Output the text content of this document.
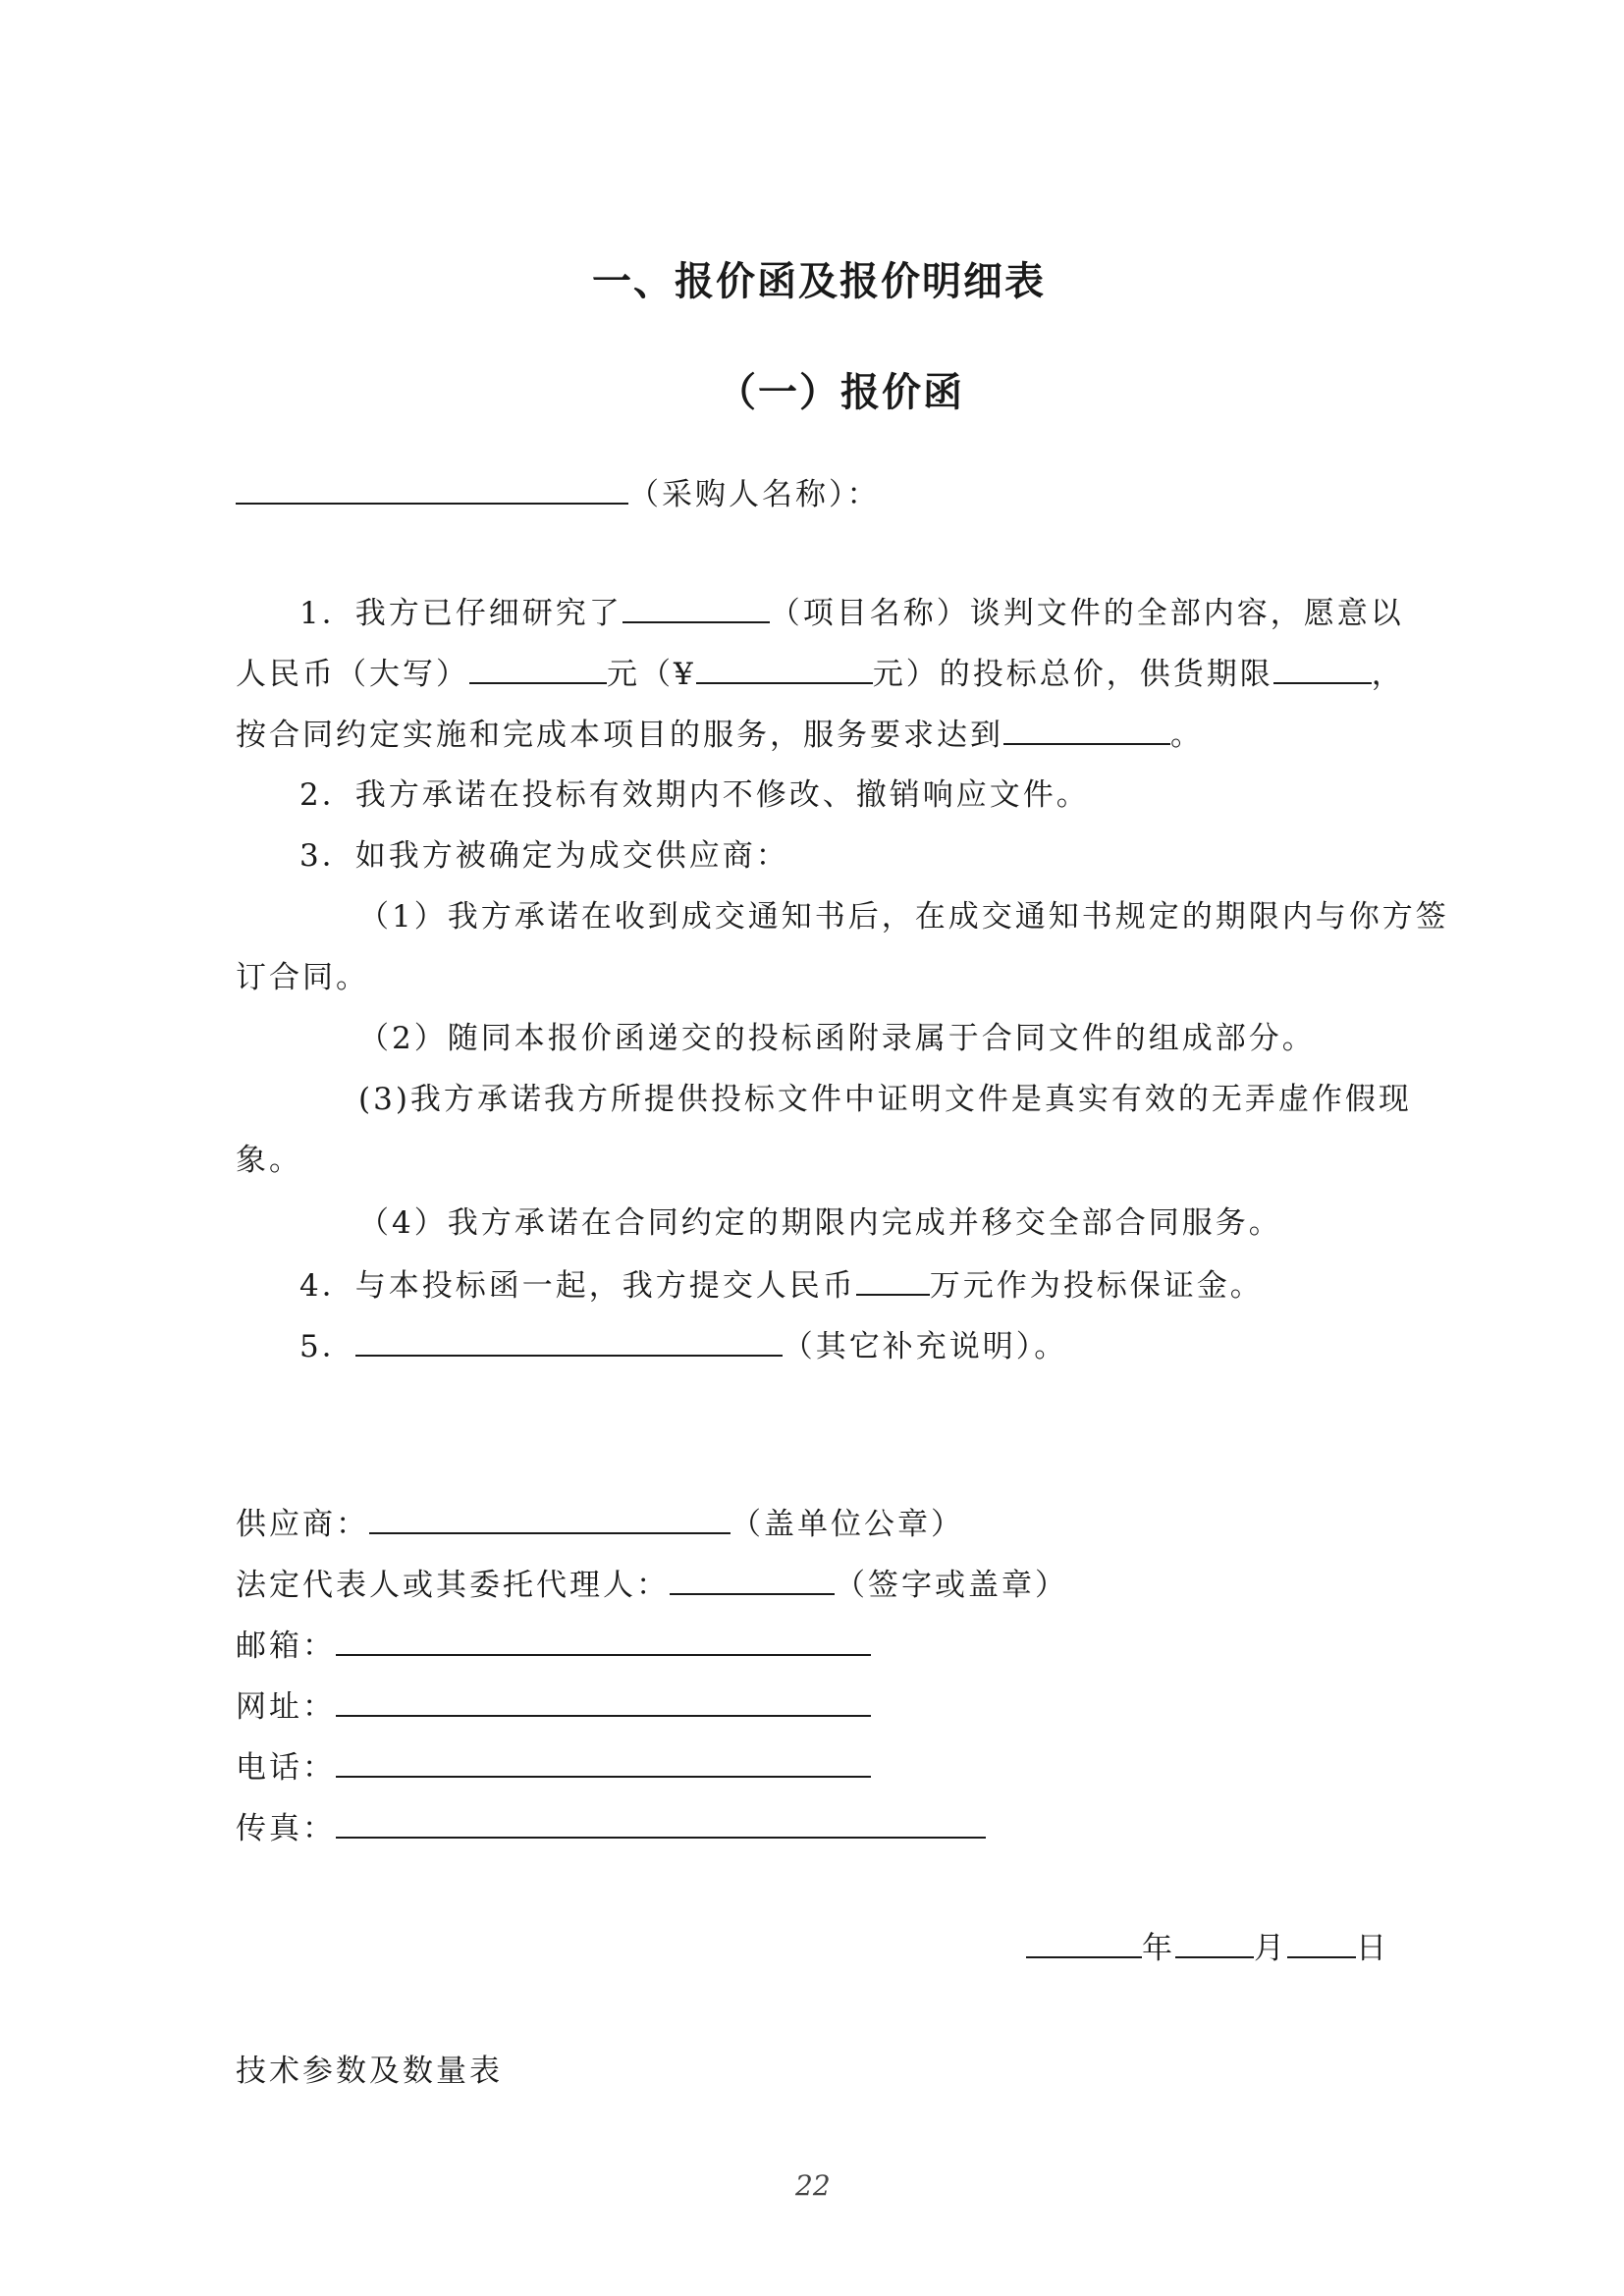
一、报价函及报价明细表
（一）报价函
（采购人名称）：
1．我方已仔细研究了	（项目名称）谈判文件的全部内容，愿意以
人民币（大写）	元（¥	元）的投标总价，供货期限	，
按合同约定实施和完成本项目的服务，服务要求达到	。
2．我方承诺在投标有效期内不修改、撤销响应文件。
3．如我方被确定为成交供应商：
（1）我方承诺在收到成交通知书后，在成交通知书规定的期限内与你方签
订合同。
（2）随同本报价函递交的投标函附录属于合同文件的组成部分。
(3)我方承诺我方所提供投标文件中证明文件是真实有效的无弄虚作假现
象。
（4）我方承诺在合同约定的期限内完成并移交全部合同服务。
4．与本投标函一起，我方提交人民币 万元作为投标保证金。
5．	（其它补充说明）。
供应商：	（盖单位公章）
法定代表人或其委托代理人：	（签字或盖章）
邮箱：
网址：
电话：
传真：
年	月 日
技术参数及数量表
22
